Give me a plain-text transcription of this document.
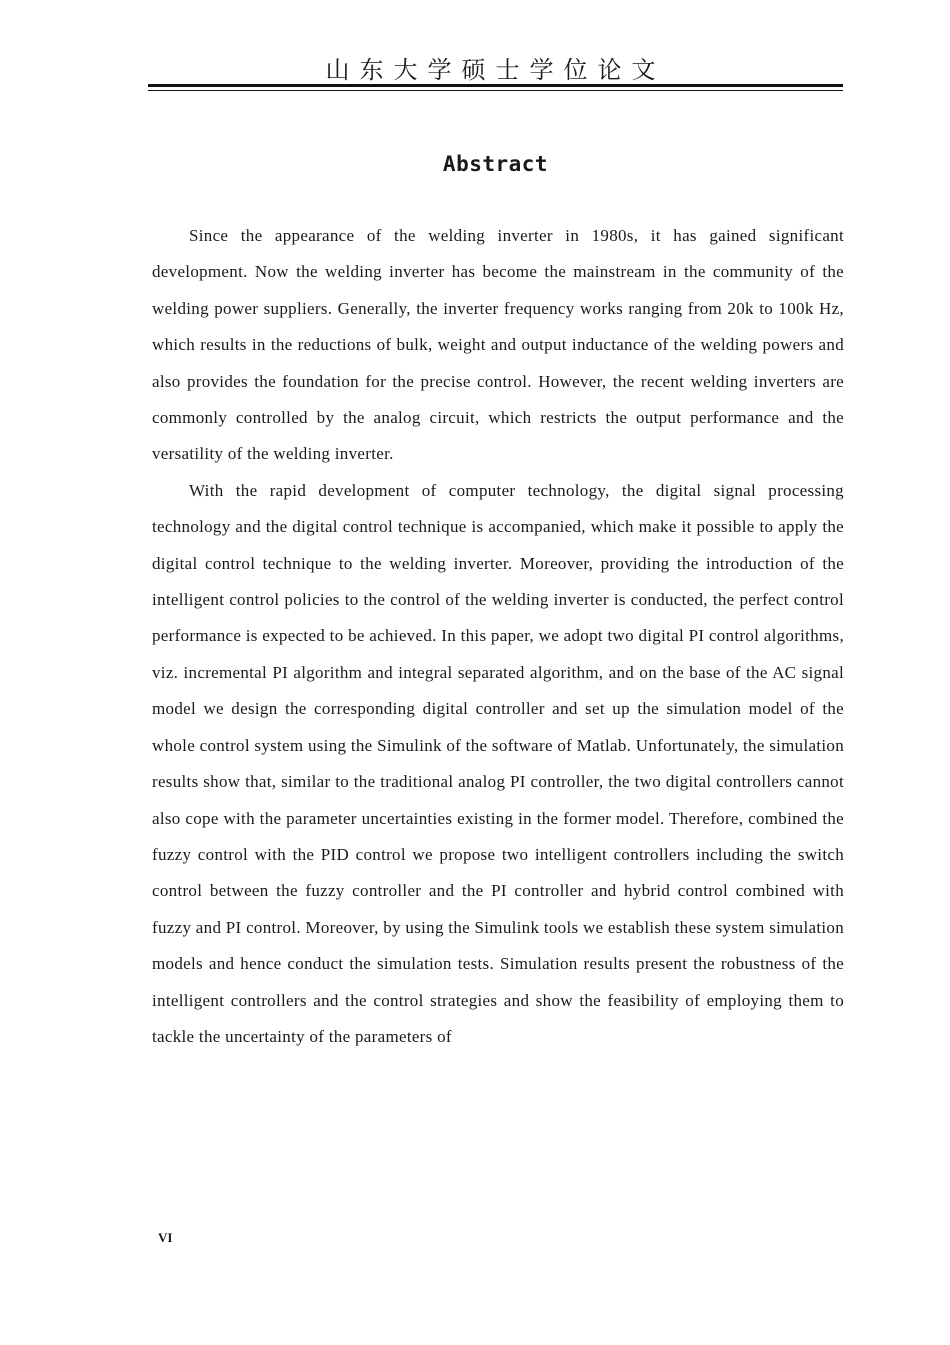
山东大学硕士学位论文
Abstract

Since the appearance of the welding inverter in 1980s, it has gained significant development. Now the welding inverter has become the mainstream in the community of the welding power suppliers. Generally, the inverter frequency works ranging from 20k to 100k Hz, which results in the reductions of bulk, weight and output inductance of the welding powers and also provides the foundation for the precise control. However, the recent welding inverters are commonly controlled by the analog circuit, which restricts the output performance and the versatility of the welding inverter.

With the rapid development of computer technology, the digital signal processing technology and the digital control technique is accompanied, which make it possible to apply the digital control technique to the welding inverter. Moreover, providing the introduction of the intelligent control policies to the control of the welding inverter is conducted, the perfect control performance is expected to be achieved. In this paper, we adopt two digital PI control algorithms, viz. incremental PI algorithm and integral separated algorithm, and on the base of the AC signal model we design the corresponding digital controller and set up the simulation model of the whole control system using the Simulink of the software of Matlab. Unfortunately, the simulation results show that, similar to the traditional analog PI controller, the two digital controllers cannot also cope with the parameter uncertainties existing in the former model. Therefore, combined the fuzzy control with the PID control we propose two intelligent controllers including the switch control between the fuzzy controller and the PI controller and hybrid control combined with fuzzy and PI control. Moreover, by using the Simulink tools we establish these system simulation models and hence conduct the simulation tests. Simulation results present the robustness of the intelligent controllers and the control strategies and show the feasibility of employing them to tackle the uncertainty of the parameters of

VI
